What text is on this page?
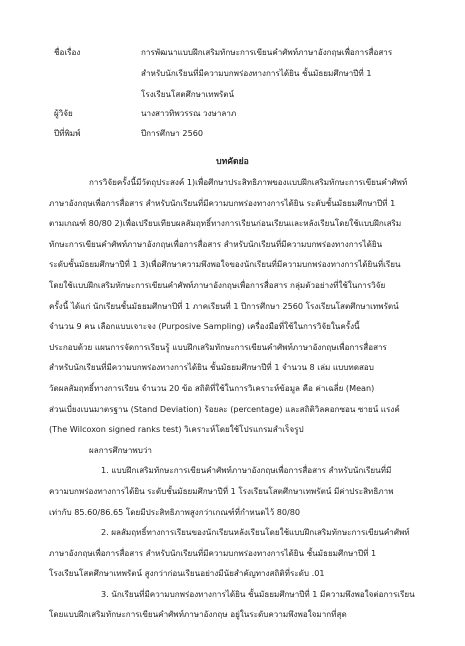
ชื่อเรื่อง	การพัฒนาแบบฝึกเสริมทักษะการเขียนคำศัพท์ภาษาอังกฤษเพื่อการสื่อสาร
สำหรับนักเรียนที่มีความบกพร่องทางการได้ยิน ชั้นมัธยมศึกษาปีที่ 1
โรงเรียนโสตศึกษาเทพรัตน์
ผู้วิจัย	นางสาวทิพวรรณ วงษาลาภ
ปีที่พิมพ์	ปีการศึกษา 2560
บทคัดย่อ
การวิจัยครั้งนี้มีวัตถุประสงค์ 1)เพื่อศึกษาประสิทธิภาพของแบบฝึกเสริมทักษะการเขียนคำศัพท์
ภาษาอังกฤษเพื่อการสื่อสาร สำหรับนักเรียนที่มีความบกพร่องทางการได้ยิน ระดับชั้นมัธยมศึกษาปีที่ 1
ตามเกณฑ์ 80/80 2)เพื่อเปรียบเทียบผลสัมฤทธิ์ทางการเรียนก่อนเรียนและหลังเรียนโดยใช้แบบฝึกเสริม
ทักษะการเขียนคำศัพท์ภาษาอังกฤษเพื่อการสื่อสาร สำหรับนักเรียนที่มีความบกพร่องทางการได้ยิน
ระดับชั้นมัธยมศึกษาปีที่ 1 3)เพื่อศึกษาความพึงพอใจของนักเรียนที่มีความบกพร่องทางการได้ยินที่เรียน
โดยใช้แบบฝึกเสริมทักษะการเขียนคำศัพท์ภาษาอังกฤษเพื่อการสื่อสาร กลุ่มตัวอย่างที่ใช้ในการวิจัย
ครั้งนี้ ได้แก่ นักเรียนชั้นมัธยมศึกษาปีที่ 1 ภาคเรียนที่ 1 ปีการศึกษา 2560 โรงเรียนโสตศึกษาเทพรัตน์
จำนวน 9 คน เลือกแบบเจาะจง (Purposive Sampling) เครื่องมือที่ใช้ในการวิจัยในครั้งนี้
ประกอบด้วย แผนการจัดการเรียนรู้ แบบฝึกเสริมทักษะการเขียนคำศัพท์ภาษาอังกฤษเพื่อการสื่อสาร
สำหรับนักเรียนที่มีความบกพร่องทางการได้ยิน ชั้นมัธยมศึกษาปีที่ 1 จำนวน 8 เล่ม แบบทดสอบ
วัดผลสัมฤทธิ์ทางการเรียน จำนวน 20 ข้อ สถิติที่ใช้ในการวิเคราะห์ข้อมูล คือ ค่าเฉลี่ย (Mean)
ส่วนเบี่ยงเบนมาตรฐาน (Stand Deviation) ร้อยละ (percentage) และสถิติวิลคอกซอน ซายน์ แรงค์
(The Wilcoxon signed ranks test) วิเคราะห์โดยใช้โปรแกรมสำเร็จรูป
ผลการศึกษาพบว่า
1. แบบฝึกเสริมทักษะการเขียนคำศัพท์ภาษาอังกฤษเพื่อการสื่อสาร สำหรับนักเรียนที่มี
ความบกพร่องทางการได้ยิน ระดับชั้นมัธยมศึกษาปีที่ 1 โรงเรียนโสตศึกษาเทพรัตน์ มีค่าประสิทธิภาพ
เท่ากับ 85.60/86.65 โดยมีประสิทธิภาพสูงกว่าเกณฑ์ที่กำหนดไว้ 80/80
2. ผลสัมฤทธิ์ทางการเรียนของนักเรียนหลังเรียนโดยใช้แบบฝึกเสริมทักษะการเขียนคำศัพท์
ภาษาอังกฤษเพื่อการสื่อสาร สำหรับนักเรียนที่มีความบกพร่องทางการได้ยิน ชั้นมัธยมศึกษาปีที่ 1
โรงเรียนโสตศึกษาเทพรัตน์ สูงกว่าก่อนเรียนอย่างมีนัยสำคัญทางสถิติที่ระดับ .01
3. นักเรียนที่มีความบกพร่องทางการได้ยิน ชั้นมัธยมศึกษาปีที่ 1 มีความพึงพอใจต่อการเรียน
โดยแบบฝึกเสริมทักษะการเขียนคำศัพท์ภาษาอังกฤษ อยู่ในระดับความพึงพอใจมากที่สุด
